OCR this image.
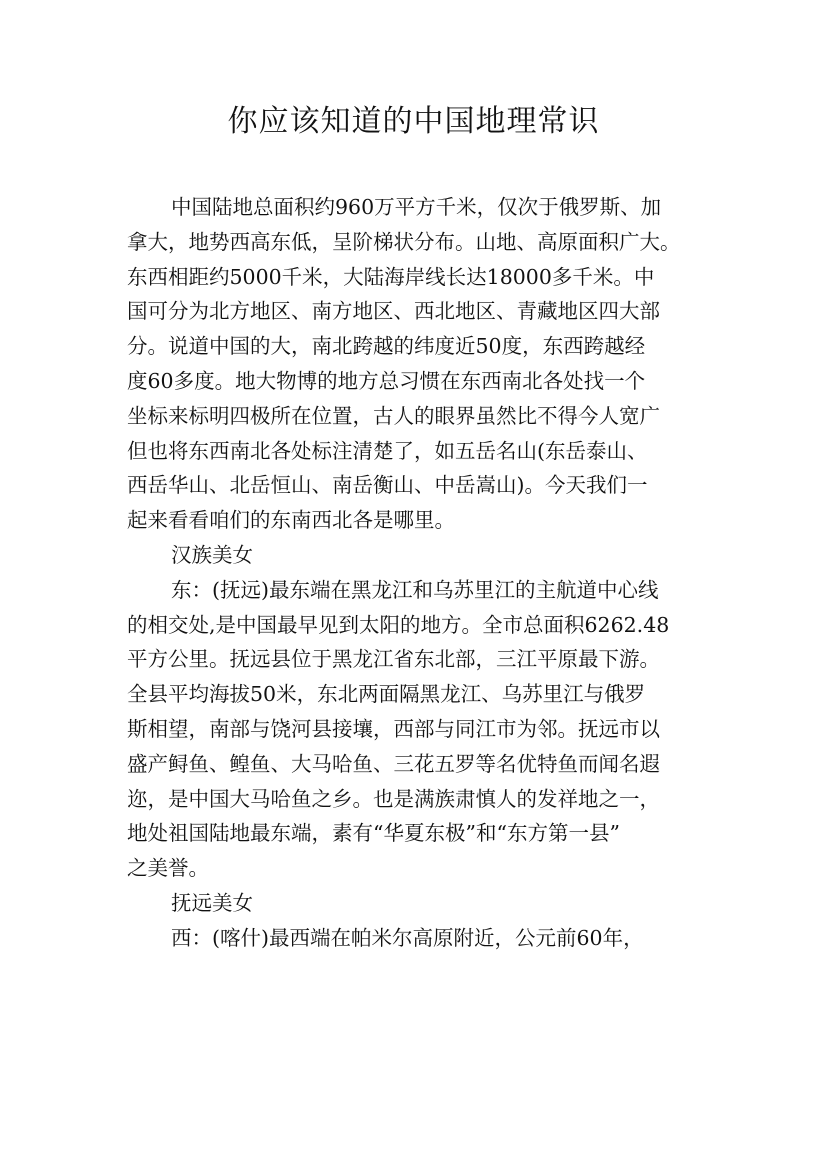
你应该知道的中国地理常识
中国陆地总面积约960万平方千米，仅次于俄罗斯、加
拿大，地势西高东低，呈阶梯状分布。山地、高原面积广大。
东西相距约5000千米，大陆海岸线长达18000多千米。中
国可分为北方地区、南方地区、西北地区、青藏地区四大部
分。说道中国的大，南北跨越的纬度近50度，东西跨越经
度60多度。地大物博的地方总习惯在东西南北各处找一个
坐标来标明四极所在位置，古人的眼界虽然比不得今人宽广
但也将东西南北各处标注清楚了，如五岳名山(东岳泰山、
西岳华山、北岳恒山、南岳衡山、中岳嵩山)。今天我们一
起来看看咱们的东南西北各是哪里。
汉族美女
东：(抚远)最东端在黑龙江和乌苏里江的主航道中心线
的相交处,是中国最早见到太阳的地方。全市总面积6262.48
平方公里。抚远县位于黑龙江省东北部，三江平原最下游。
全县平均海拔50米，东北两面隔黑龙江、乌苏里江与俄罗
斯相望，南部与饶河县接壤，西部与同江市为邻。抚远市以
盛产鲟鱼、鳇鱼、大马哈鱼、三花五罗等名优特鱼而闻名遐
迩，是中国大马哈鱼之乡。也是满族肃慎人的发祥地之一，
地处祖国陆地最东端，素有“华夏东极”和“东方第一县”
之美誉。
抚远美女
西：(喀什)最西端在帕米尔高原附近，公元前60年，
